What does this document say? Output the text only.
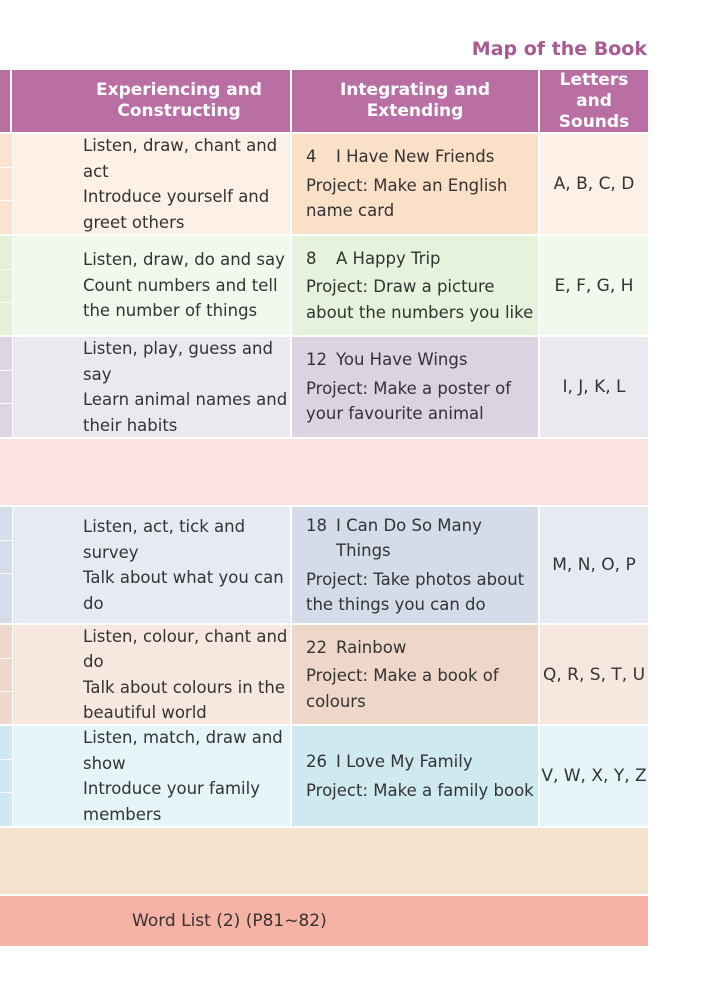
Map of the Book
Experiencing and Constructing
Integrating and Extending
Letters and Sounds
Listen, draw, chant and act
Introduce yourself and greet others
4 I Have New Friends
Project: Make an English name card
A, B, C, D
Listen, draw, do and say
Count numbers and tell the number of things
8 A Happy Trip
Project: Draw a picture about the numbers you like
E, F, G, H
Listen, play, guess and say
Learn animal names and their habits
12 You Have Wings
Project: Make a poster of your favourite animal
I, J, K, L
Listen, act, tick and survey
Talk about what you can do
18 I Can Do So Many Things
Project: Take photos about the things you can do
M, N, O, P
Listen, colour, chant and do
Talk about colours in the beautiful world
22 Rainbow
Project: Make a book of colours
Q, R, S, T, U
Listen, match, draw and show
Introduce your family members
26 I Love My Family
Project: Make a family book
V, W, X, Y, Z
Word List (2) (P81~82)
